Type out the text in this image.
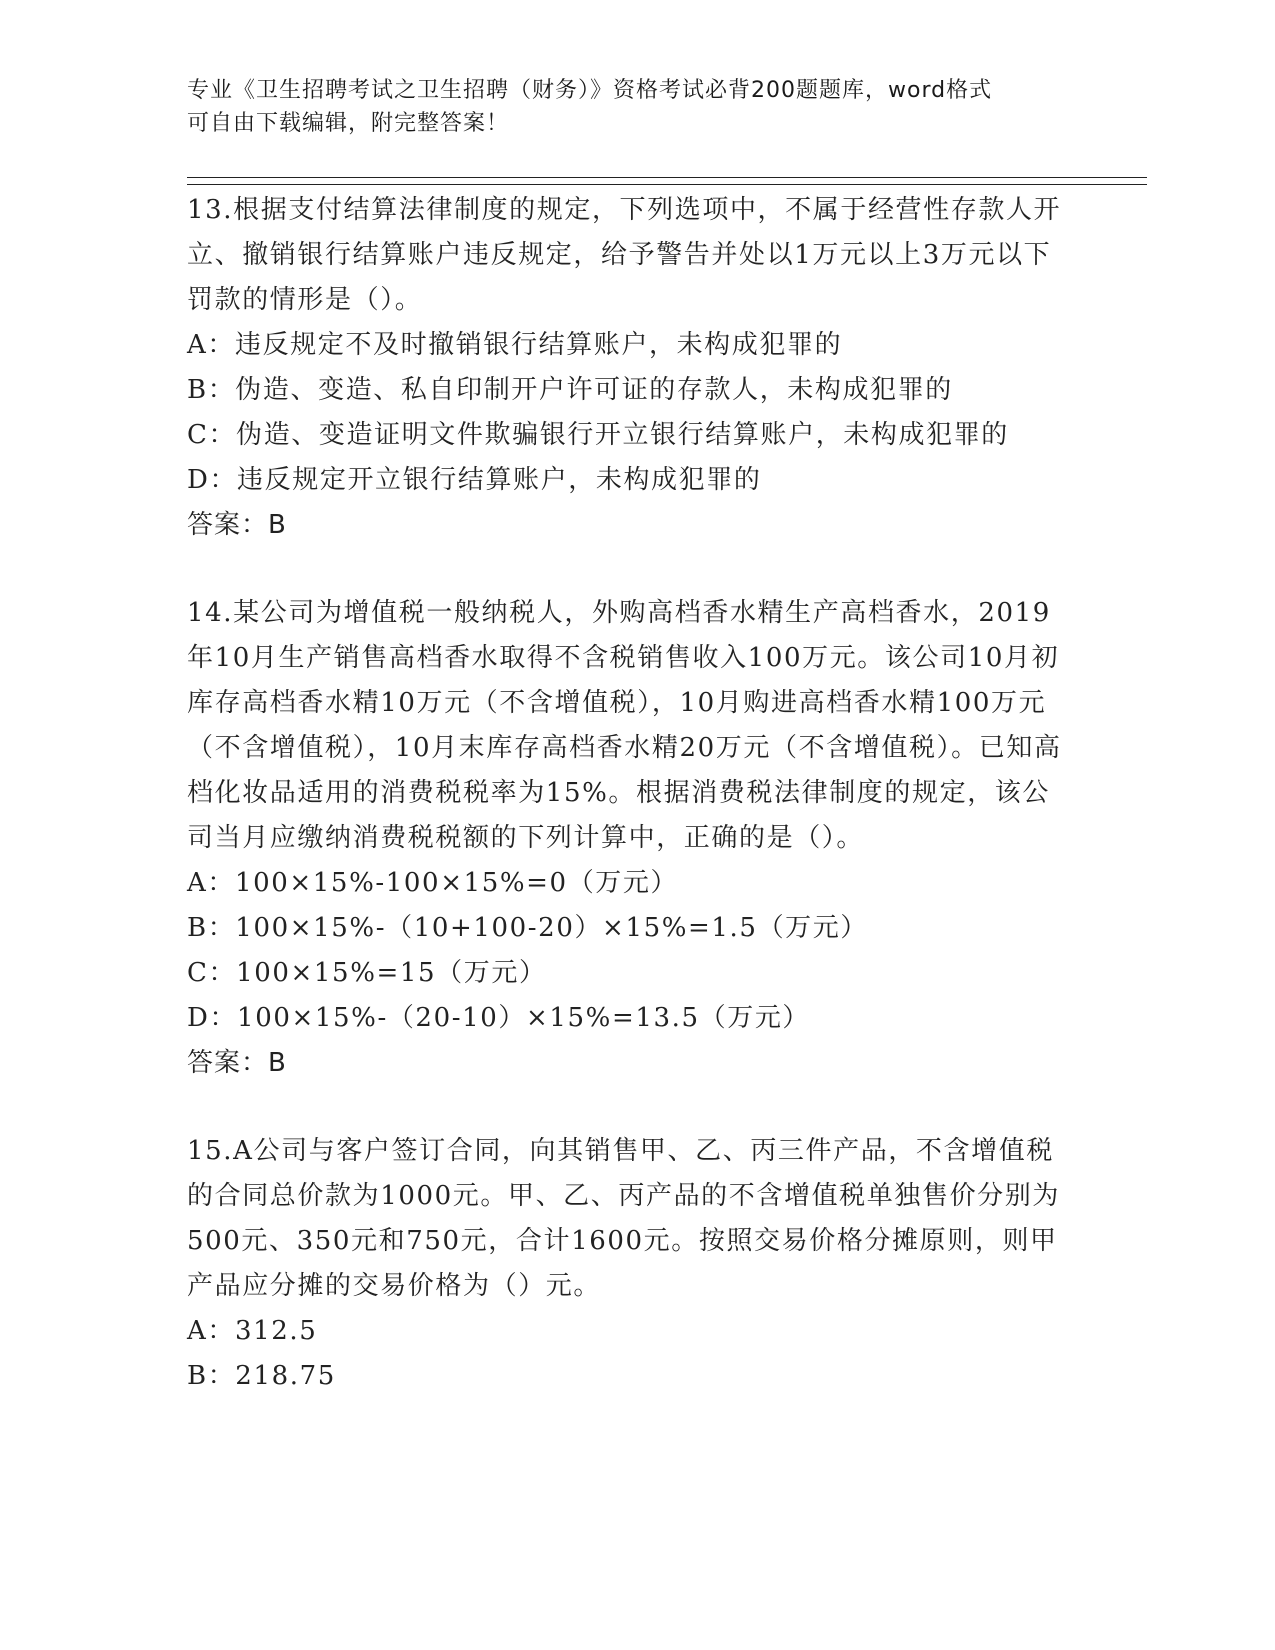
专业《卫生招聘考试之卫生招聘（财务）》资格考试必背200题题库，word格式
可自由下载编辑，附完整答案！

13.根据支付结算法律制度的规定，下列选项中，不属于经营性存款人开立、撤销银行结算账户违反规定，给予警告并处以1万元以上3万元以下罚款的情形是（）。

A：违反规定不及时撤销银行结算账户，未构成犯罪的

B：伪造、变造、私自印制开户许可证的存款人，未构成犯罪的

C：伪造、变造证明文件欺骗银行开立银行结算账户，未构成犯罪的

D：违反规定开立银行结算账户，未构成犯罪的

答案：B

14.某公司为增值税一般纳税人，外购高档香水精生产高档香水，2019年10月生产销售高档香水取得不含税销售收入100万元。该公司10月初库存高档香水精10万元（不含增值税），10月购进高档香水精100万元（不含增值税），10月末库存高档香水精20万元（不含增值税）。已知高档化妆品适用的消费税税率为15%。根据消费税法律制度的规定，该公司当月应缴纳消费税税额的下列计算中，正确的是（）。

A：100×15%-100×15%=0（万元）

B：100×15%-（10+100-20）×15%=1.5（万元）

C：100×15%=15（万元）

D：100×15%-（20-10）×15%=13.5（万元）

答案：B

15.A公司与客户签订合同，向其销售甲、乙、丙三件产品，不含增值税的合同总价款为1000元。甲、乙、丙产品的不含增值税单独售价分别为500元、350元和750元，合计1600元。按照交易价格分摊原则，则甲产品应分摊的交易价格为（）元。

A：312.5

B：218.75
